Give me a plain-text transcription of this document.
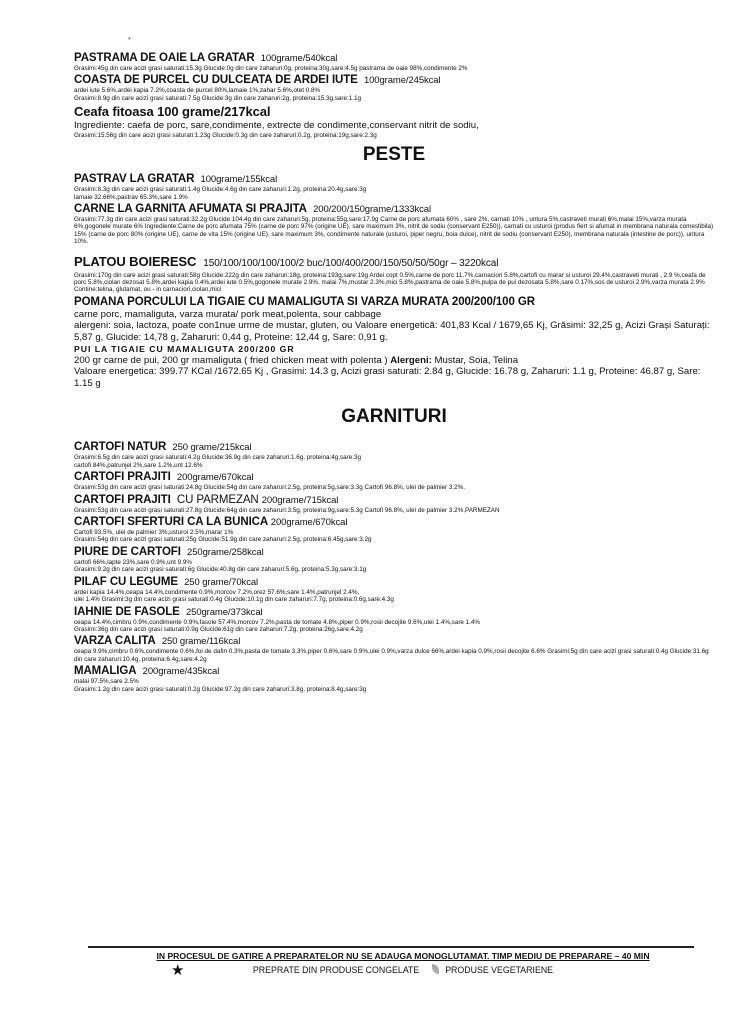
•
PASTRAMA DE OAIE LA GRATAR 100grame/540kcal
Grasimi:45g din care acizi grasi saturati:15.3g Glucide:0g din care zaharuri:0g, proteina:30g,sare:4.5g pastrama de oaie 98%,condimente 2%
COASTA DE PURCEL CU DULCEATA DE ARDEI IUTE 100grame/245kcal
ardei iute 5.6%,ardei kapia 7.2%,coasta de purcel 80%,lamaie 1%,zahar 5.6%,otet 0.8%
Grasimi:8.9g din care acizi grasi saturati:7.5g Glucide:3g din care zaharuri:2g, proteina:15.3g,sare:1.1g
Ceafa fitoasa 100 grame/217kcal
Ingrediente: caefa de porc, sare,condimente, extrecte de condimente,conservant nitrit de sodiu,
Grasimi:15.56g din care acizi grasi saturati:1.23g Glucide:0.3g din care zaharuri:0.2g, proteina:19g,sare:2.3g
PESTE
PASTRAV LA GRATAR 100grame/155kcal
Grasimi:8.3g din care acizi grasi saturati:1.4g Glucide:4.6g din care zaharuri:1.2g, proteina:20.4g,sare:3g
lamaie 32.66%,pastrav 65.3%,sare 1.9%
CARNE LA GARNITA AFUMATA SI PRAJITA 200/200/150grame/1333kcal
Grasimi:77.3g din care acizi grasi saturati:32.2g Glucide:104.4g din care zaharuri:5g, proteina:55g,sare:17.9g Carne de porc afumata 60% , sare 2%, carnati 10% , untura 5%,castraveti murati 6%,malai 15%,varza murata 6%,gogonele murate 6% Ingrediente:Carne de porc afumata 75% (carne de porc 97% (origine UE), sare maximum 3%, nitrit de sodiu (conservant E250)), carnati cu usturoi (produs fiert si afumat in membrana naturala comestibila) 15% (carne de porc 80% (origine UE), carne de vita 15% (origine UE), sare maximum 3%, condimente naturale (usturoi, piper negru, boia dulce), nitrit de sodiu (conservant E250), membrana naturala (intestine de porc)), untura 10%.
PLATOU BOIERESC 150/100/100/100/100/2 buc/100/400/200/150/50/50/50gr – 3220kcal
Grasimi:170g din care acizi grasi saturati:58g Glucide:222g din care zaharuri:18g, proteina:193g,sare:19g Ardei copt 0.5%,carne de porc 11.7%,carnaciori 5.8%,cartofi cu marar si usturoi 29.4%,castraveti murati , 2.9 %,ceafa de porc 5.8%,ciolan dezosat 5.8%,ardei kapia 0.4%,ardei iute 0.5%,gogonele murate 2.9%, malai 7%,mustar 2.3%,mici 5.8%,pastrama de oaie 5.8%,pulpa de pui dezosata 5.8%,sare 0.17%,sos de usturoi 2.9%,varza murata 2.9%
Contine:telina, glutamat, ou - in carnaciori,ciolan,mici
POMANA PORCULUI LA TIGAIE CU MAMALIGUTA SI VARZA MURATA 200/200/100 GR
carne porc, mamaliguta, varza murata/ pork meat,polenta, sour cabbage
alergeni: soia, lactoza, poate con1nue urme de mustar, gluten, ou Valoare energetică: 401,83 Kcal / 1679,65 Kj, Grăsimi: 32,25 g, Acizi Grași Saturați: 5,87 g, Glucide: 14,78 g, Zaharuri: 0,44 g, Proteine: 12,44 g, Sare: 0,91 g.
PUI LA TIGAIE CU MAMALIGUTA 200/200 GR
200 gr carne de pui, 200 gr mamaliguta ( fried chicken meat with polenta ) Alergeni: Mustar, Soia, Telina
Valoare energetica: 399.77 KCal /1672.65 Kj , Grasimi: 14.3 g, Acizi grasi saturati: 2.84 g, Glucide: 16.78 g, Zaharuri: 1.1 g, Proteine: 46.87 g, Sare: 1.15 g
GARNITURI
CARTOFI NATUR 250 grame/215kcal
Grasimi:6.5g din care acizi grasi saturati:4.2g Glucide:36.9g din care zaharuri:1.6g, proteina:4g,sare:3g
cartofi 84%,patrunjel 2%,sare 1.2%,unt 12.6%
CARTOFI PRAJITI 200grame/670kcal
Grasimi:53g din care acizi grasi saturati:24.8g Glucide:54g din care zaharuri:2.5g, proteina:5g,sare:3.3g Cartofi 96.8%, ulei de palmier 3.2%.
CARTOFI PRAJITI CU PARMEZAN 200grame/715kcal
Grasimi:53g din care acizi grasi saturati:27.8g Glucide:64g din care zaharuri:3.5g, proteina:9g,sare:5.3g Cartofi 96.8%, ulei de palmier 3.2%,PARMEZAN
CARTOFI SFERTURI CA LA BUNICA 200grame/670kcal
Cartofi 93.5%, ulei de palmier 3%,usturoi 2.5%,marar 1%
Grasimi:54g din care acizi grasi saturati:25g Glucide:51.9g din care zaharuri:2.5g, proteina:6.45g,sare:3.2g
PIURE DE CARTOFI 250grame/258kcal
cartofi 66%,lapte 23%,sare 0.9%,unt 9.9%
Grasimi:9.2g din care acizi grasi saturati:6g Glucide:40.8g din care zaharuri:5.6g, proteina:5.3g,sare:3.1g
PILAF CU LEGUME 250 grame/70kcal
ardei kapia 14.4%,ceapa 14.4%,condimente 0.9%,morcov 7.2%,orez 57.6%,sare 1.4%,patrunjel 2.4%,
ulei 1.4% Grasimi:3g din care acizi grasi saturati:0.4g Glucide:10.1g din care zaharuri:7.7g, proteina:0.6g,sare:4.3g
IAHNIE DE FASOLE 250grame/373kcal
ceapa 14.4%,cimbru 0.9%,condimente 0.9%,fasole 57.4%,morcov 7.2%,pasta de tomate 4.8%,piper 0.9%,rosii decojite 9.6%,ulei 1.4%,sare 1.4%
Grasimi:36g din care acizi grasi saturati:0.9g Glucide:61g din care zaharuri:7.2g, proteina:26g,sare:4.2g
VARZA CALITA 250 grame/116kcal
ceapa 9.9%,cimbru 0.6%,condimente 0.6%,foi de dafin 0.3%,pasta de tomate 3.3%,piper 0.6%,sare 0.9%,ulei 0.9%,varza dulce 66%,ardei kapia 0.9%,rosii decojite 6.6% Grasimi:5g din care acizi grasi saturati:0.4g Glucide:31.6g din care zaharuri:10.4g, proteina:6.4g,sare:4.2g
MAMALIGA 200grame/435kcal
malai 97.5%,sare 2.5%
Grasimi:1.2g din care acizi grasi saturati:0.2g Glucide:97.2g din care zaharuri:3.8g, proteina:8.4g,sare:3g
IN PROCESUL DE GATIRE A PREPARATELOR NU SE ADAUGA MONOGLUTAMAT. TIMP MEDIU DE PREPARARE – 40 MIN
★	PREPRATE DIN PRODUSE CONGELATE	PRODUSE VEGETARIENE
